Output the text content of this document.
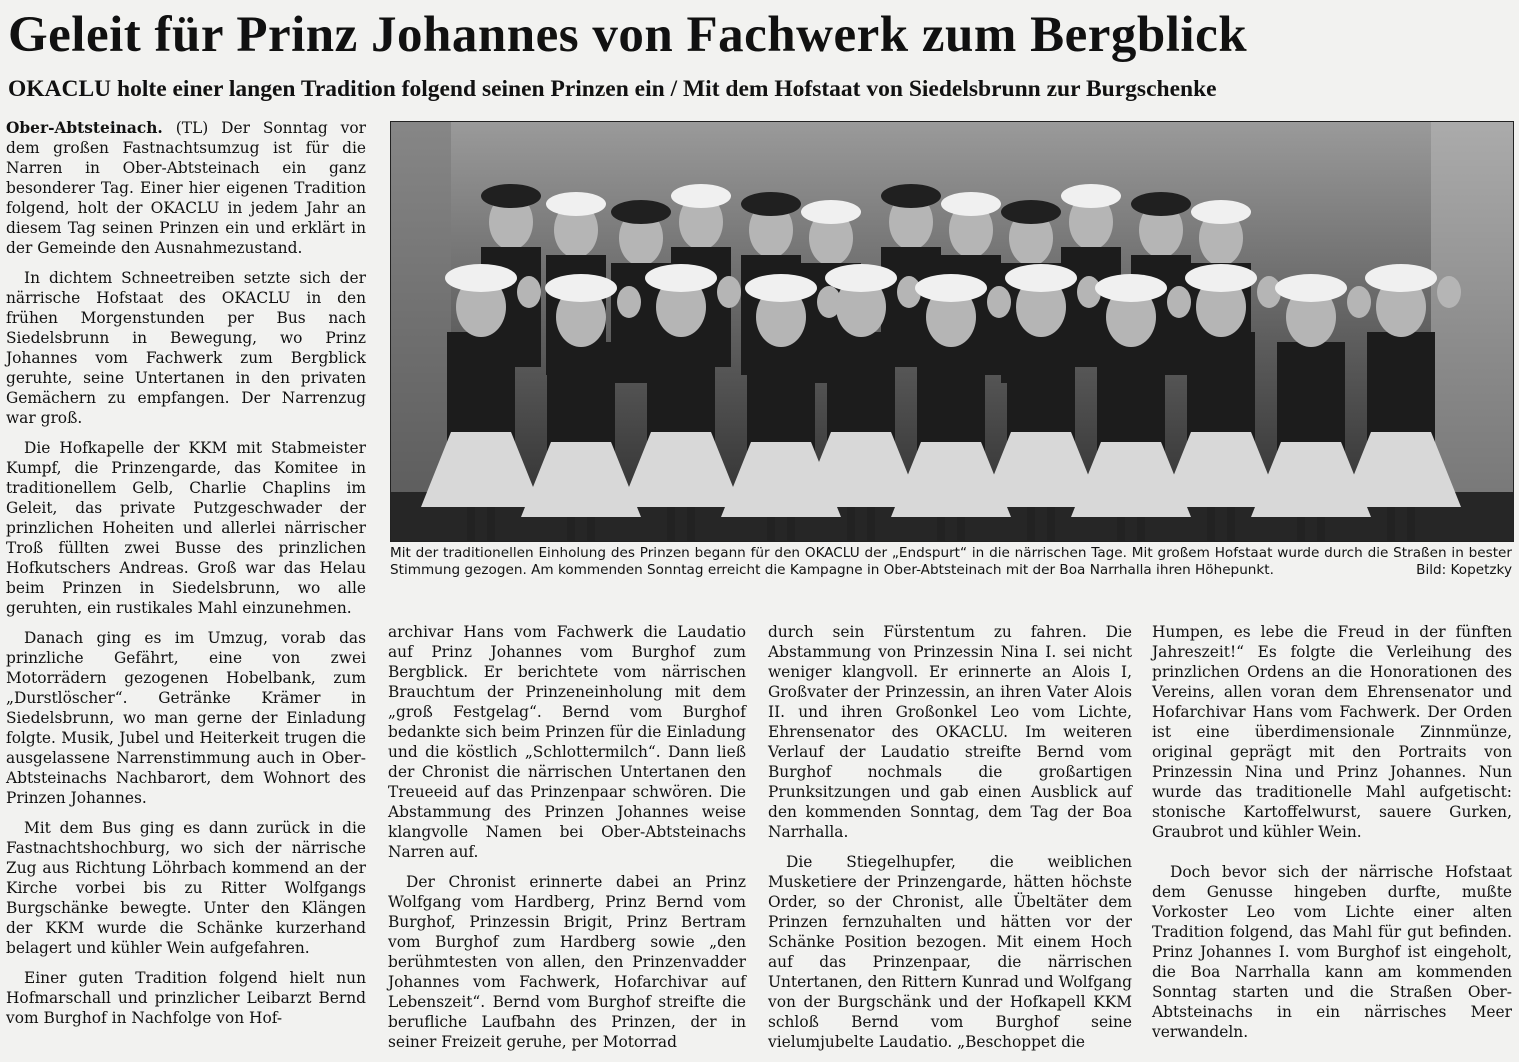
Geleit für Prinz Johannes von Fachwerk zum Bergblick
OKACLU holte einer langen Tradition folgend seinen Prinzen ein / Mit dem Hofstaat von Siedelsbrunn zur Burgschenke

Ober-Abtsteinach. (TL) Der Sonntag vor dem großen Fastnachtsumzug ist für die Narren in Ober-Abtsteinach ein ganz besonderer Tag. Einer hier eigenen Tradition folgend, holt der OKACLU in jedem Jahr an diesem Tag seinen Prinzen ein und erklärt in der Gemeinde den Ausnahmezustand.

In dichtem Schneetreiben setzte sich der närrische Hofstaat des OKACLU in den frühen Morgenstunden per Bus nach Siedelsbrunn in Bewegung, wo Prinz Johannes vom Fachwerk zum Bergblick geruhte, seine Untertanen in den privaten Gemächern zu empfangen. Der Narrenzug war groß.

Die Hofkapelle der KKM mit Stabmeister Kumpf, die Prinzengarde, das Komitee in traditionellem Gelb, Charlie Chaplins im Geleit, das private Putzgeschwader der prinzlichen Hoheiten und allerlei närrischer Troß füllten zwei Busse des prinzlichen Hofkutschers Andreas. Groß war das Helau beim Prinzen in Siedelsbrunn, wo alle geruhten, ein rustikales Mahl einzunehmen.

Danach ging es im Umzug, vorab das prinzliche Gefährt, eine von zwei Motorrädern gezogenen Hobelbank, zum „Durstlöscher“. Getränke Krämer in Siedelsbrunn, wo man gerne der Einladung folgte. Musik, Jubel und Heiterkeit trugen die ausgelassene Narrenstimmung auch in Ober-Abtsteinachs Nachbarort, dem Wohnort des Prinzen Johannes.

Mit dem Bus ging es dann zurück in die Fastnachtshochburg, wo sich der närrische Zug aus Richtung Löhrbach kommend an der Kirche vorbei bis zu Ritter Wolfgangs Burgschänke bewegte. Unter den Klängen der KKM wurde die Schänke kurzerhand belagert und kühler Wein aufgefahren.

Einer guten Tradition folgend hielt nun Hofmarschall und prinzlicher Leibarzt Bernd vom Burghof in Nachfolge von Hof-

Mit der traditionellen Einholung des Prinzen begann für den OKACLU der „Endspurt“ in die närrischen Tage. Mit großem Hofstaat wurde durch die Straßen in bester Stimmung gezogen. Am kommenden Sonntag erreicht die Kampagne in Ober-Abtsteinach mit der Boa Narrhalla ihren Höhepunkt.	Bild: Kopetzky

archivar Hans vom Fachwerk die Laudatio auf Prinz Johannes vom Burghof zum Bergblick. Er berichtete vom närrischen Brauchtum der Prinzeneinholung mit dem „groß Festgelag“. Bernd vom Burghof bedankte sich beim Prinzen für die Einladung und die köstlich „Schlottermilch“. Dann ließ der Chronist die närrischen Untertanen den Treueeid auf das Prinzenpaar schwören. Die Abstammung des Prinzen Johannes weise klangvolle Namen bei Ober-Abtsteinachs Narren auf.

Der Chronist erinnerte dabei an Prinz Wolfgang vom Hardberg, Prinz Bernd vom Burghof, Prinzessin Brigit, Prinz Bertram vom Burghof zum Hardberg sowie „den berühmtesten von allen, den Prinzenvadder Johannes vom Fachwerk, Hofarchivar auf Lebenszeit“. Bernd vom Burghof streifte die berufliche Laufbahn des Prinzen, der in seiner Freizeit geruhe, per Motorrad

durch sein Fürstentum zu fahren. Die Abstammung von Prinzessin Nina I. sei nicht weniger klangvoll. Er erinnerte an Alois I, Großvater der Prinzessin, an ihren Vater Alois II. und ihren Großonkel Leo vom Lichte, Ehrensenator des OKACLU. Im weiteren Verlauf der Laudatio streifte Bernd vom Burghof nochmals die großartigen Prunksitzungen und gab einen Ausblick auf den kommenden Sonntag, dem Tag der Boa Narrhalla.

Die Stiegelhupfer, die weiblichen Musketiere der Prinzengarde, hätten höchste Order, so der Chronist, alle Übeltäter dem Prinzen fernzuhalten und hätten vor der Schänke Position bezogen. Mit einem Hoch auf das Prinzenpaar, die närrischen Untertanen, den Rittern Kunrad und Wolfgang von der Burgschänk und der Hofkapell KKM schloß Bernd vom Burghof seine vielumjubelte Laudatio. „Beschoppet die

Humpen, es lebe die Freud in der fünften Jahreszeit!“ Es folgte die Verleihung des prinzlichen Ordens an die Honorationen des Vereins, allen voran dem Ehrensenator und Hofarchivar Hans vom Fachwerk. Der Orden ist eine überdimensionale Zinnmünze, original geprägt mit den Portraits von Prinzessin Nina und Prinz Johannes. Nun wurde das traditionelle Mahl aufgetischt: stonische Kartoffelwurst, sauere Gurken, Graubrot und kühler Wein.

Doch bevor sich der närrische Hofstaat dem Genusse hingeben durfte, mußte Vorkoster Leo vom Lichte einer alten Tradition folgend, das Mahl für gut befinden. Prinz Johannes I. vom Burghof ist eingeholt, die Boa Narrhalla kann am kommenden Sonntag starten und die Straßen Ober-Abtsteinachs in ein närrisches Meer verwandeln.
